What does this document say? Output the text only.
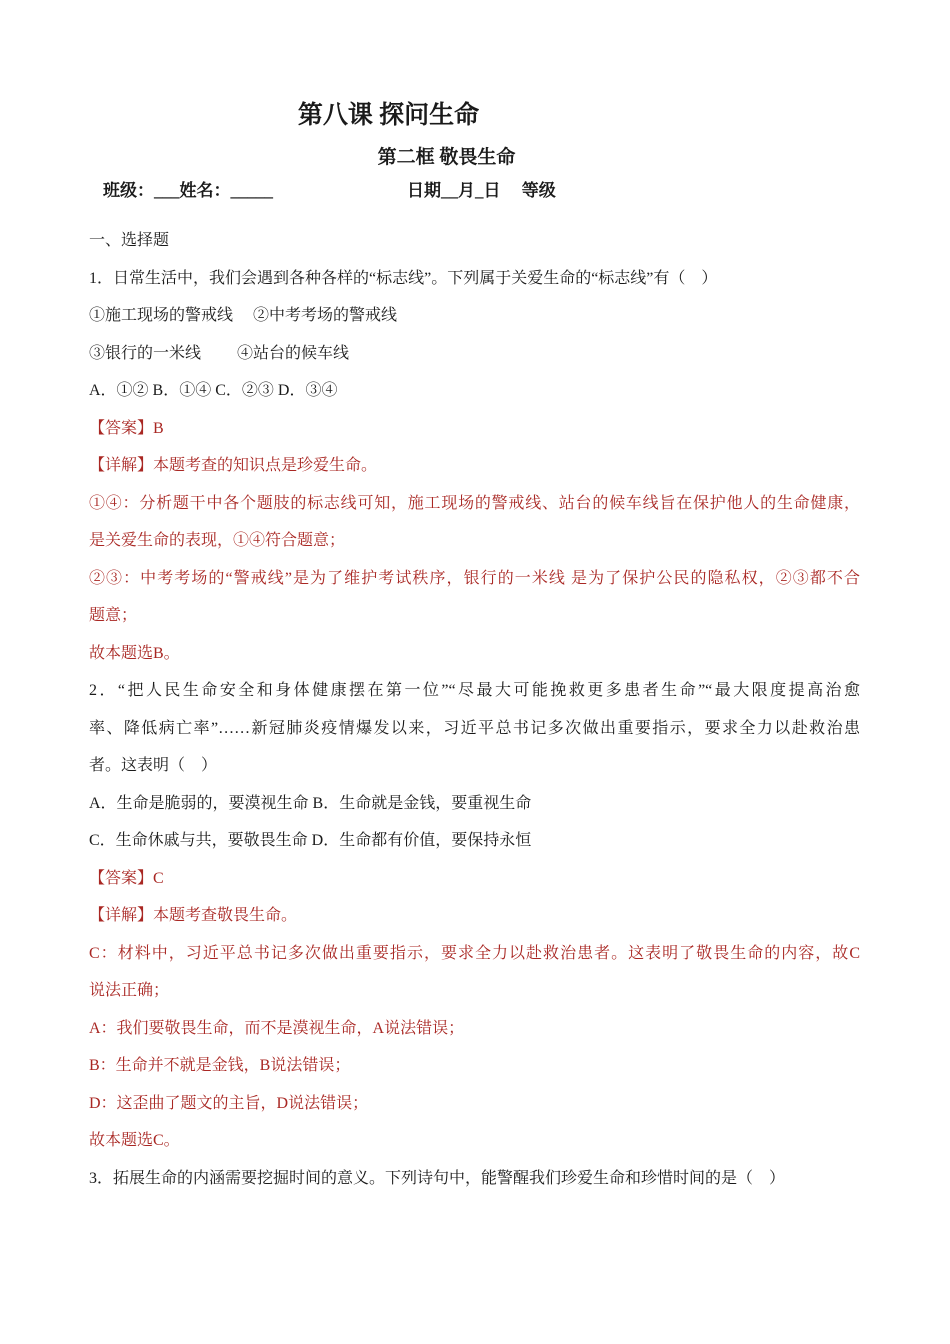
第八课 探问生命
第二框 敬畏生命
班级：___姓名：_____	日期__月_日　 等级
一、选择题
1．日常生活中，我们会遇到各种各样的“标志线”。下列属于关爱生命的“标志线”有（　）
①施工现场的警戒线　 ②中考考场的警戒线
③银行的一米线　　 ④站台的候车线
A．①② B．①④ C．②③ D．③④
【答案】B
【详解】本题考查的知识点是珍爱生命。
①④：分析题干中各个题肢的标志线可知，施工现场的警戒线、站台的候车线旨在保护他人的生命健康，
是关爱生命的表现，①④符合题意；
②③：中考考场的“警戒线”是为了维护考试秩序，银行的一米线 是为了保护公民的隐私权，②③都不合
题意；
故本题选B。
2．“把人民生命安全和身体健康摆在第一位”“尽最大可能挽救更多患者生命”“最大限度提高治愈
率、降低病亡率”……新冠肺炎疫情爆发以来，习近平总书记多次做出重要指示，要求全力以赴救治患
者。这表明（　）
A．生命是脆弱的，要漠视生命 B．生命就是金钱，要重视生命
C．生命休戚与共，要敬畏生命 D．生命都有价值，要保持永恒
【答案】C
【详解】本题考查敬畏生命。
C：材料中，习近平总书记多次做出重要指示，要求全力以赴救治患者。这表明了敬畏生命的内容，故C
说法正确；
A：我们要敬畏生命，而不是漠视生命，A说法错误；
B：生命并不就是金钱，B说法错误；
D：这歪曲了题文的主旨，D说法错误；
故本题选C。
3．拓展生命的内涵需要挖掘时间的意义。下列诗句中，能警醒我们珍爱生命和珍惜时间的是（　）
